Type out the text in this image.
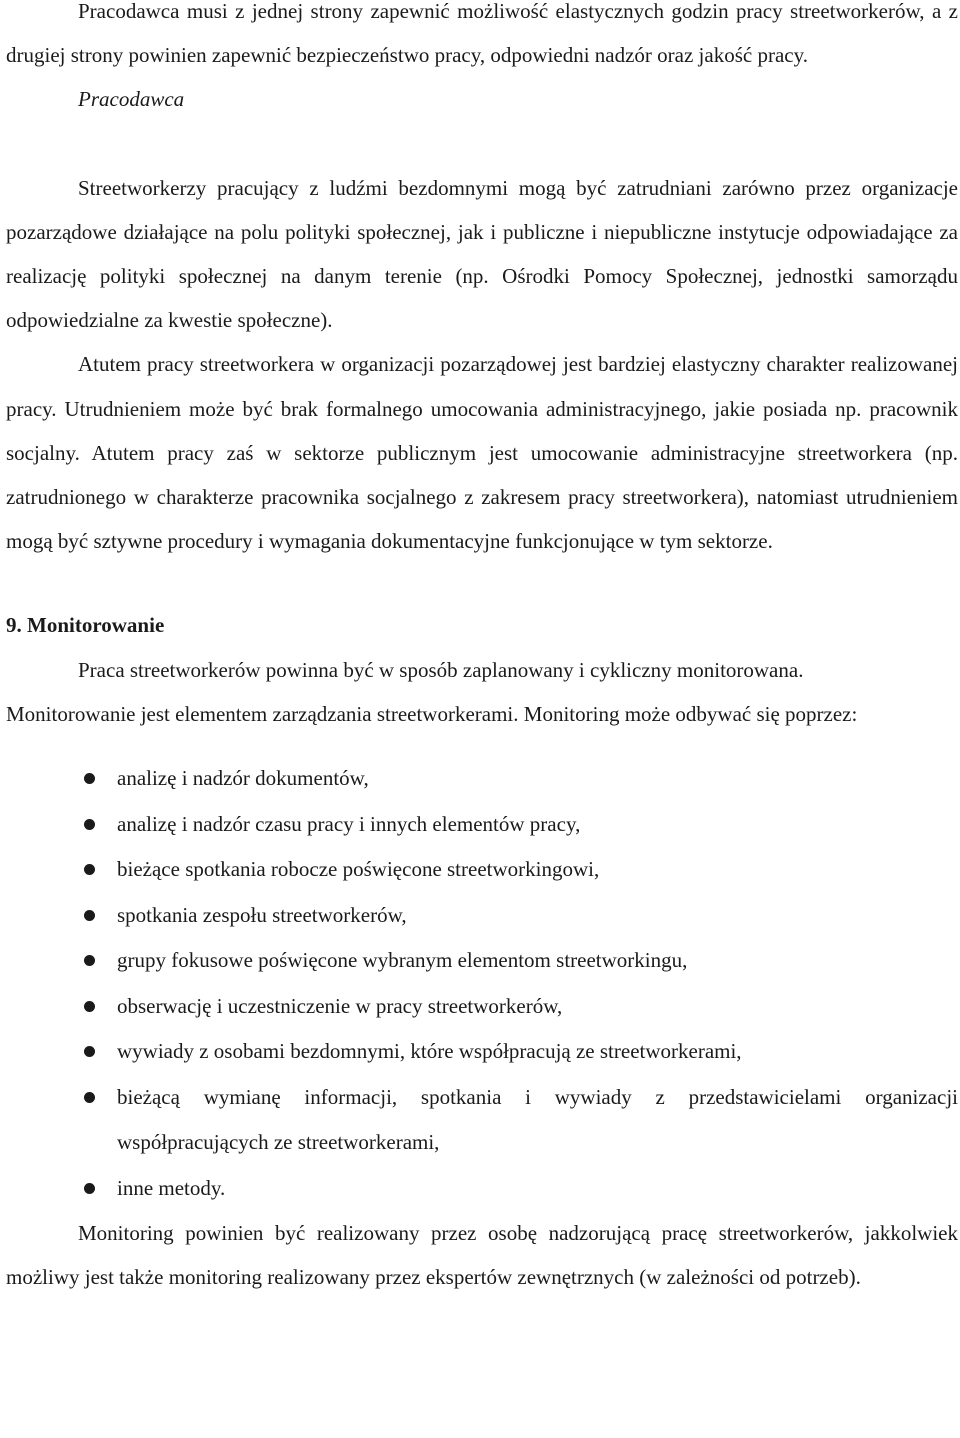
Pracodawca musi z jednej strony zapewnić możliwość elastycznych godzin pracy streetworkerów, a z drugiej strony powinien zapewnić bezpieczeństwo pracy, odpowiedni nadzór oraz jakość pracy.

Pracodawca

Streetworkerzy pracujący z ludźmi bezdomnymi mogą być zatrudniani zarówno przez organizacje pozarządowe działające na polu polityki społecznej, jak i publiczne i niepubliczne instytucje odpowiadające za realizację polityki społecznej na danym terenie (np. Ośrodki Pomocy Społecznej, jednostki samorządu odpowiedzialne za kwestie społeczne).

Atutem pracy streetworkera w organizacji pozarządowej jest bardziej elastyczny charakter realizowanej pracy. Utrudnieniem może być brak formalnego umocowania administracyjnego, jakie posiada np. pracownik socjalny. Atutem pracy zaś w sektorze publicznym jest umocowanie administracyjne streetworkera (np. zatrudnionego w charakterze pracownika socjalnego z zakresem pracy streetworkera), natomiast utrudnieniem mogą być sztywne procedury i wymagania dokumentacyjne funkcjonujące w tym sektorze.

9. Monitorowanie

Praca streetworkerów powinna być w sposób zaplanowany i cykliczny monitorowana.

Monitorowanie jest elementem zarządzania streetworkerami. Monitoring może odbywać się poprzez:

analizę i nadzór dokumentów,
analizę i nadzór czasu pracy i innych elementów pracy,
bieżące spotkania robocze poświęcone streetworkingowi,
spotkania zespołu streetworkerów,
grupy fokusowe poświęcone wybranym elementom streetworkingu,
obserwację i uczestniczenie w pracy streetworkerów,
wywiady z osobami bezdomnymi, które współpracują ze streetworkerami,
bieżącą wymianę informacji, spotkania i wywiady z przedstawicielami organizacji współpracujących ze streetworkerami,
inne metody.

Monitoring powinien być realizowany przez osobę nadzorującą pracę streetworkerów, jakkolwiek możliwy jest także monitoring realizowany przez ekspertów zewnętrznych (w zależności od potrzeb).
